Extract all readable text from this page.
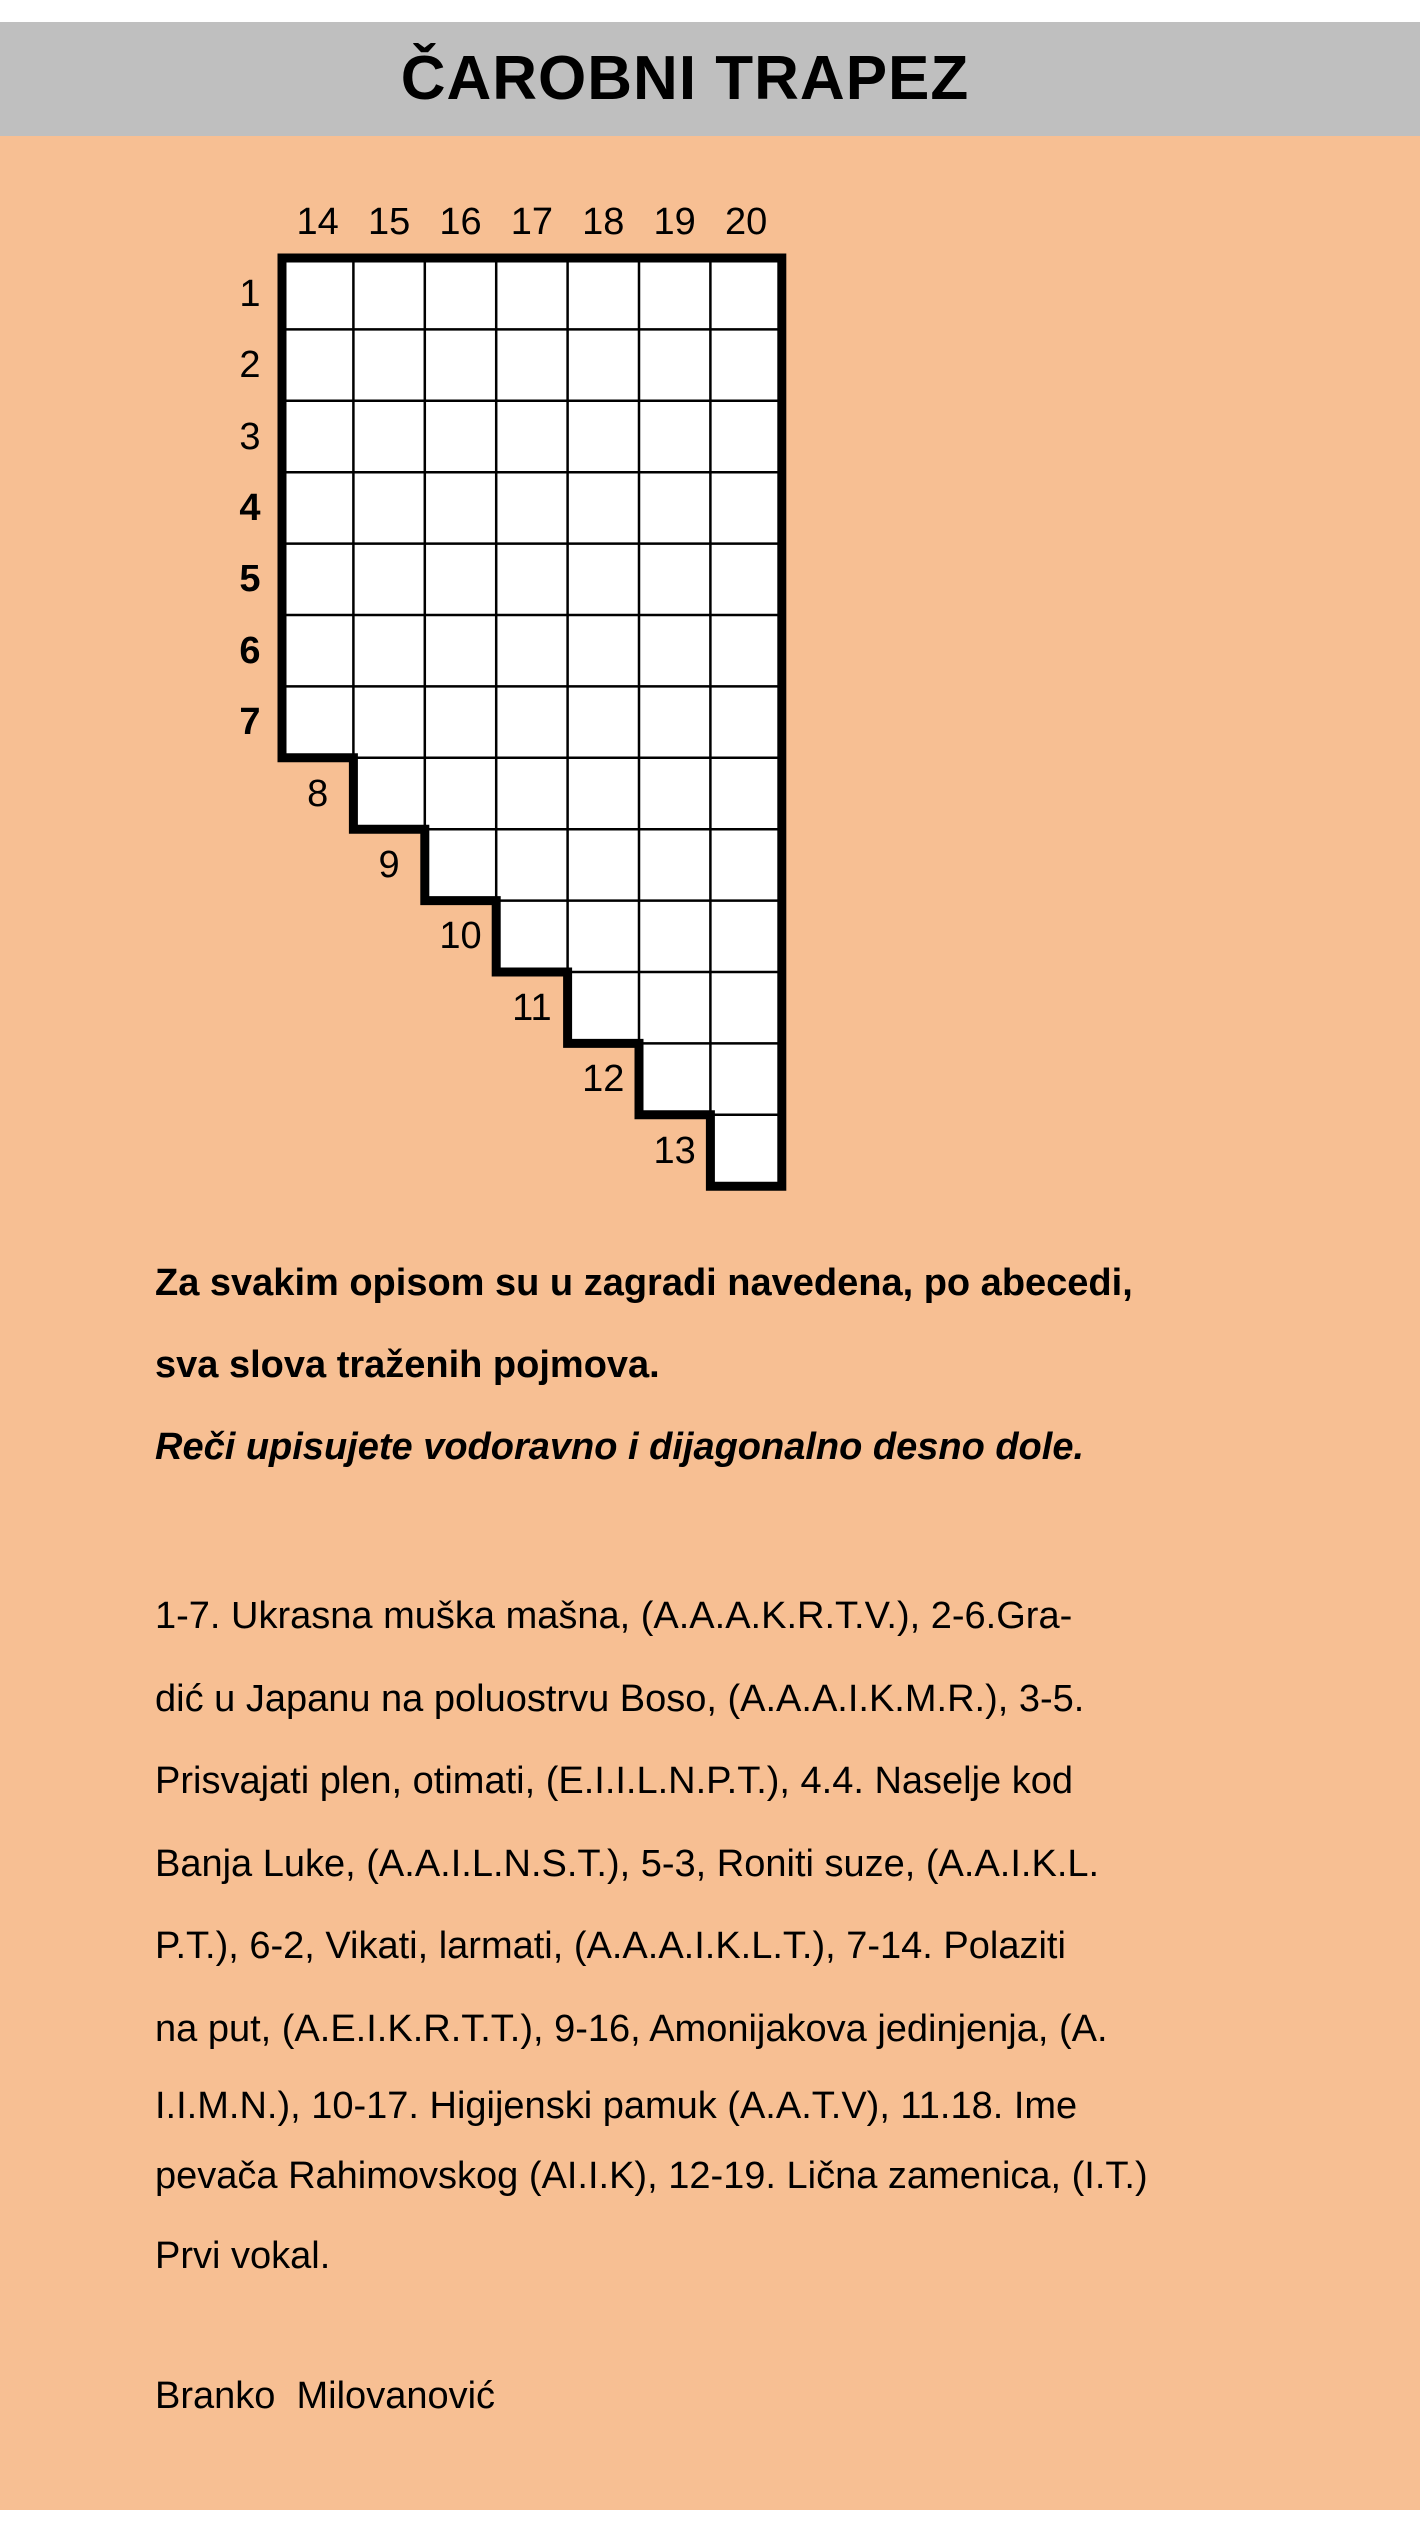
ČAROBNI TRAPEZ
14 15 16 17 18 19 20
1
2
3
4
5
6
7
8
9
10
11
12
13
Za svakim opisom su u zagradi navedena, po abecedi,
sva slova traženih pojmova.
Reči upisujete vodoravno i dijagonalno desno dole.
1-7. Ukrasna muška mašna, (A.A.A.K.R.T.V.), 2-6.Gra-
dić u Japanu na poluostrvu Boso, (A.A.A.I.K.M.R.), 3-5.
Prisvajati plen, otimati, (E.I.I.L.N.P.T.), 4.4. Naselje kod
Banja Luke, (A.A.I.L.N.S.T.), 5-3, Roniti suze, (A.A.I.K.L.
P.T.), 6-2, Vikati, larmati, (A.A.A.I.K.L.T.), 7-14. Polaziti
na put, (A.E.I.K.R.T.T.), 9-16, Amonijakova jedinjenja, (A.
I.I.M.N.), 10-17. Higijenski pamuk (A.A.T.V), 11.18. Ime
pevača Rahimovskog (AI.I.K), 12-19. Lična zamenica, (I.T.)
Prvi vokal.
Branko  Milovanović
